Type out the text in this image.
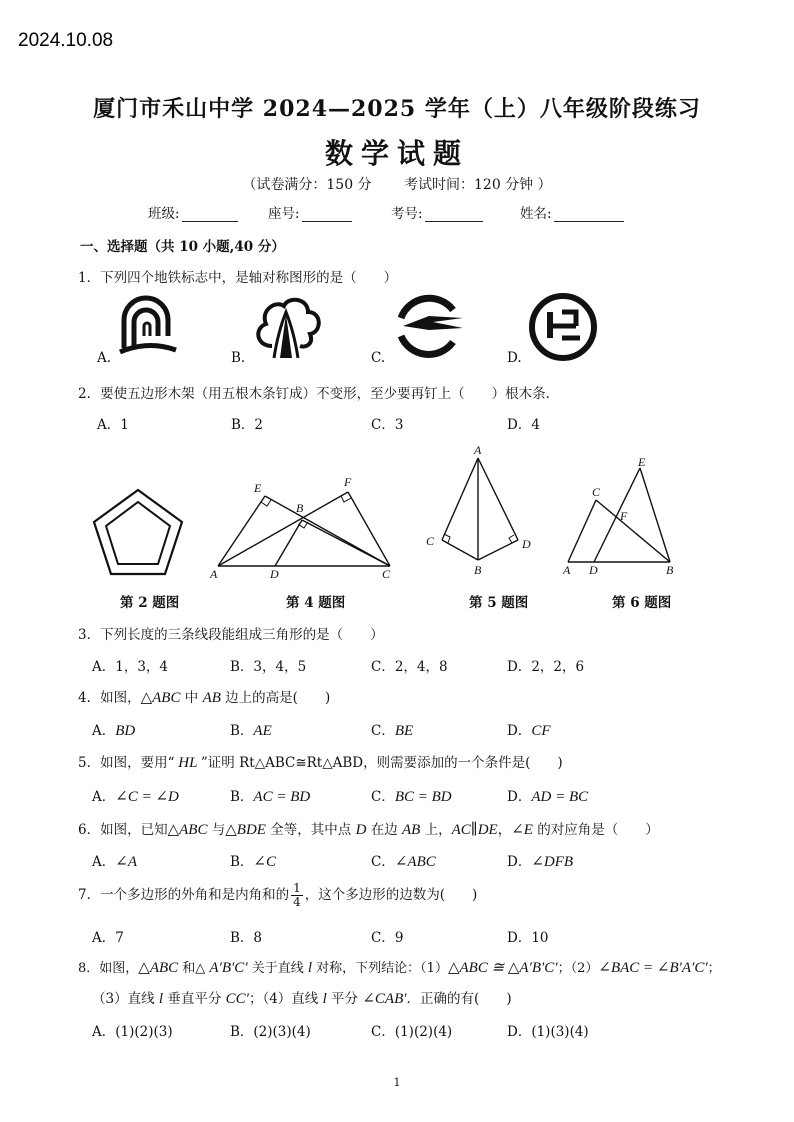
2024.10.08
厦门市禾山中学 2024—2025 学年（上）八年级阶段练习
数学试题
（试卷满分：150 分 考试时间：120 分钟 ）
班级:	座号:	考号:	姓名:
一、选择题（共 10 小题,40 分）
1．下列四个地铁标志中，是轴对称图形的是（　　）
A.	B.	C.	D.
2．要使五边形木架（用五根木条钉成）不变形，至少要再钉上（　　）根木条.
A．1	B．2	C．3	D．4
E	F
B
A	D	C
A
C	D
B
E
C
F
A D	B
第 2 题图	第 4 题图	第 5 题图	第 6 题图
3．下列长度的三条线段能组成三角形的是（　　）
A．1，3，4	B．3，4，5	C．2，4，8	D．2，2，6
4．如图，△ABC 中 AB 边上的高是(　　)
A．BD	B．AE	C．BE	D．CF
5．如图，要用“ HL ”证明 Rt△ABC≅Rt△ABD，则需要添加的一个条件是(　　)
A．∠C = ∠D	B．AC = BD	C．BC = BD	D．AD = BC
6．如图，已知△ABC 与△BDE 全等，其中点 D 在边 AB 上，AC∥DE，∠E 的对应角是（　　）
A．∠A	B．∠C	C．∠ABC	D．∠DFB
7．一个多边形的外角和是内角和的 $\frac{1}{4}$ ，这个多边形的边数为(　　)
A．7	B．8	C．9	D．10
8．如图，△ABC 和△ A′B′C′ 关于直线 l 对称，下列结论：（1）△ABC ≅ △A′B′C′；（2）∠BAC = ∠B′A′C′；
（3）直线 l 垂直平分 CC′；（4）直线 l 平分 ∠CAB′．正确的有(　　)
A．(1)(2)(3)	B．(2)(3)(4)	C．(1)(2)(4)	D．(1)(3)(4)
1
